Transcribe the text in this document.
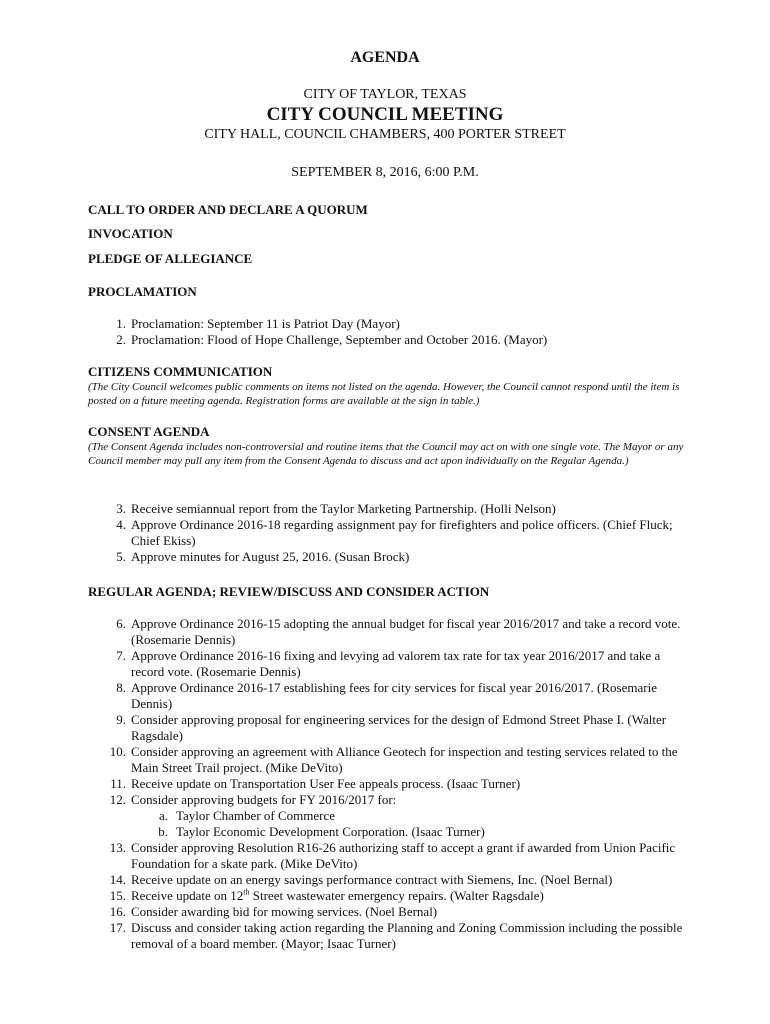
AGENDA
CITY OF TAYLOR, TEXAS
CITY COUNCIL MEETING
CITY HALL, COUNCIL CHAMBERS, 400 PORTER STREET
SEPTEMBER 8, 2016, 6:00 P.M.
CALL TO ORDER AND DECLARE A QUORUM
INVOCATION
PLEDGE OF ALLEGIANCE
PROCLAMATION
1. Proclamation: September 11 is Patriot Day (Mayor)
2. Proclamation: Flood of Hope Challenge, September and October 2016. (Mayor)
CITIZENS COMMUNICATION
(The City Council welcomes public comments on items not listed on the agenda. However, the Council cannot respond until the item is posted on a future meeting agenda. Registration forms are available at the sign in table.)
CONSENT AGENDA
(The Consent Agenda includes non-controversial and routine items that the Council may act on with one single vote. The Mayor or any Council member may pull any item from the Consent Agenda to discuss and act upon individually on the Regular Agenda.)
3. Receive semiannual report from the Taylor Marketing Partnership. (Holli Nelson)
4. Approve Ordinance 2016-18 regarding assignment pay for firefighters and police officers. (Chief Fluck; Chief Ekiss)
5. Approve minutes for August 25, 2016. (Susan Brock)
REGULAR AGENDA; REVIEW/DISCUSS AND CONSIDER ACTION
6. Approve Ordinance 2016-15 adopting the annual budget for fiscal year 2016/2017 and take a record vote. (Rosemarie Dennis)
7. Approve Ordinance 2016-16 fixing and levying ad valorem tax rate for tax year 2016/2017 and take a record vote. (Rosemarie Dennis)
8. Approve Ordinance 2016-17 establishing fees for city services for fiscal year 2016/2017. (Rosemarie Dennis)
9. Consider approving proposal for engineering services for the design of Edmond Street Phase I. (Walter Ragsdale)
10. Consider approving an agreement with Alliance Geotech for inspection and testing services related to the Main Street Trail project. (Mike DeVito)
11. Receive update on Transportation User Fee appeals process. (Isaac Turner)
12. Consider approving budgets for FY 2016/2017 for:
a. Taylor Chamber of Commerce
b. Taylor Economic Development Corporation. (Isaac Turner)
13. Consider approving Resolution R16-26 authorizing staff to accept a grant if awarded from Union Pacific Foundation for a skate park. (Mike DeVito)
14. Receive update on an energy savings performance contract with Siemens, Inc. (Noel Bernal)
15. Receive update on 12th Street wastewater emergency repairs. (Walter Ragsdale)
16. Consider awarding bid for mowing services. (Noel Bernal)
17. Discuss and consider taking action regarding the Planning and Zoning Commission including the possible removal of a board member. (Mayor; Isaac Turner)
